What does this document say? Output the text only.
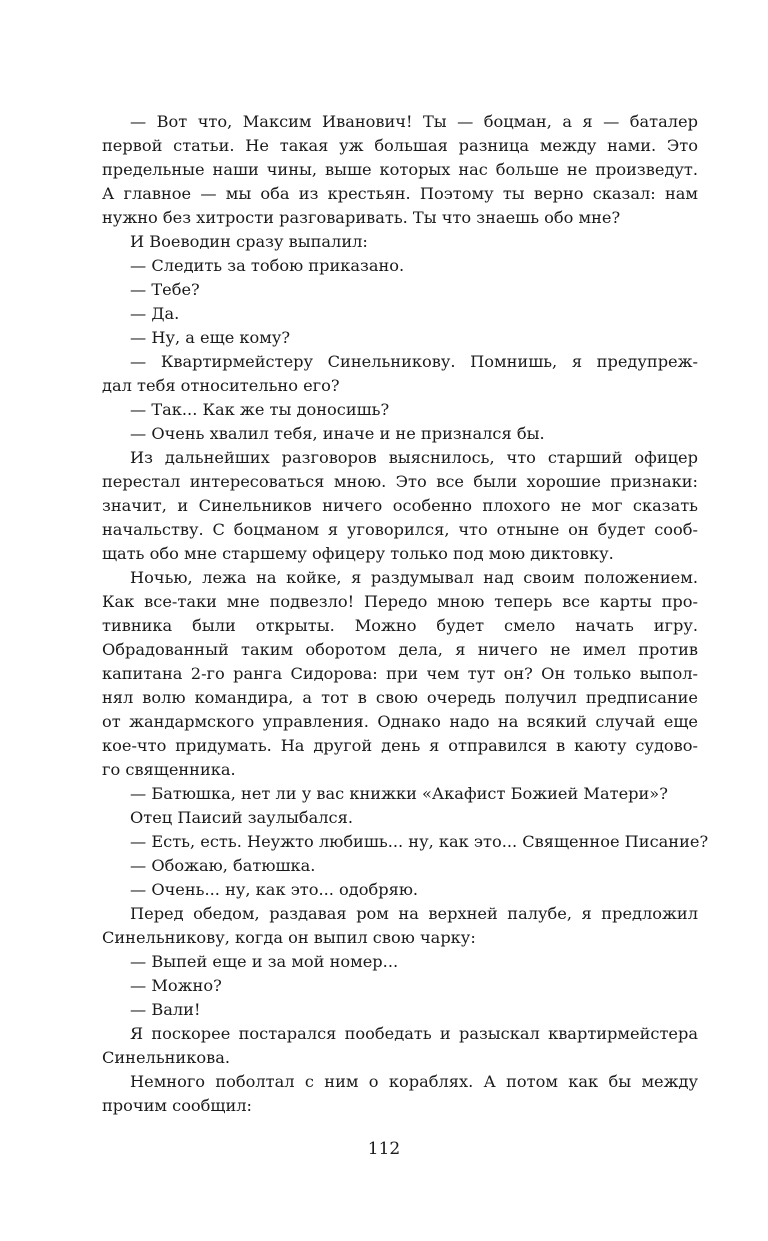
— Вот что, Максим Иванович! Ты — боцман, а я — баталер
первой статьи. Не такая уж большая разница между нами. Это
предельные наши чины, выше которых нас больше не произведут.
А главное — мы оба из крестьян. Поэтому ты верно сказал: нам
нужно без хитрости разговаривать. Ты что знаешь обо мне?
И Воеводин сразу выпалил:
— Следить за тобою приказано.
— Тебе?
— Да.
— Ну, а еще кому?
— Квартирмейстеру Синельникову. Помнишь, я предупреж-
дал тебя относительно его?
— Так... Как же ты доносишь?
— Очень хвалил тебя, иначе и не признался бы.
Из дальнейших разговоров выяснилось, что старший офицер
перестал интересоваться мною. Это все были хорошие признаки:
значит, и Синельников ничего особенно плохого не мог сказать
начальству. С боцманом я уговорился, что отныне он будет сооб-
щать обо мне старшему офицеру только под мою диктовку.
Ночью, лежа на койке, я раздумывал над своим положением.
Как все-таки мне подвезло! Передо мною теперь все карты про-
тивника были открыты. Можно будет смело начать игру.
Обрадованный таким оборотом дела, я ничего не имел против
капитана 2-го ранга Сидорова: при чем тут он? Он только выпол-
нял волю командира, а тот в свою очередь получил предписание
от жандармского управления. Однако надо на всякий случай еще
кое-что придумать. На другой день я отправился в каюту судово-
го священника.
— Батюшка, нет ли у вас книжки «Акафист Божией Матери»?
Отец Паисий заулыбался.
— Есть, есть. Неужто любишь... ну, как это... Священное Писание?
— Обожаю, батюшка.
— Очень... ну, как это... одобряю.
Перед обедом, раздавая ром на верхней палубе, я предложил
Синельникову, когда он выпил свою чарку:
— Выпей еще и за мой номер...
— Можно?
— Вали!
Я поскорее постарался пообедать и разыскал квартирмейстера
Синельникова.
Немного поболтал с ним о кораблях. А потом как бы между
прочим сообщил:
112
